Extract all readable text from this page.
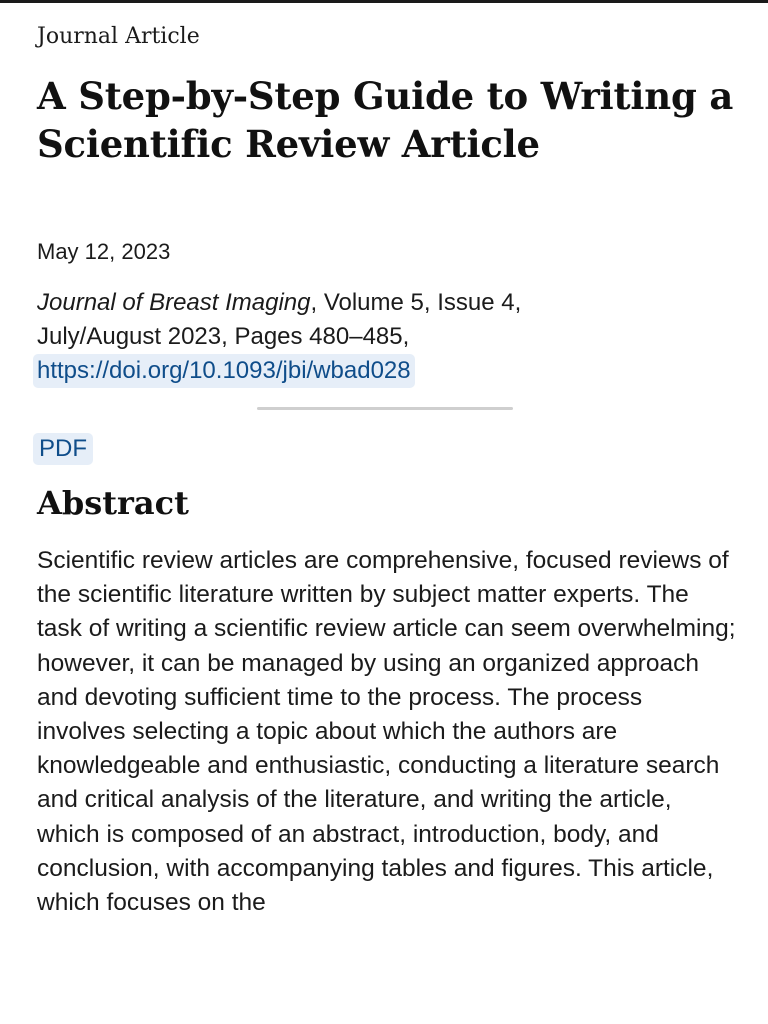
Journal Article
A Step-by-Step Guide to Writing a Scientific Review Article
May 12, 2023
Journal of Breast Imaging, Volume 5, Issue 4,
July/August 2023, Pages 480–485,
https://doi.org/10.1093/jbi/wbad028
PDF
Abstract

Scientific review articles are comprehensive, focused reviews of the scientific literature written by subject matter experts. The task of writing a scientific review article can seem overwhelming; however, it can be managed by using an organized approach and devoting sufficient time to the process. The process involves selecting a topic about which the authors are knowledgeable and enthusiastic, conducting a literature search and critical analysis of the literature, and writing the article, which is composed of an abstract, introduction, body, and conclusion, with accompanying tables and figures. This article, which focuses on the
